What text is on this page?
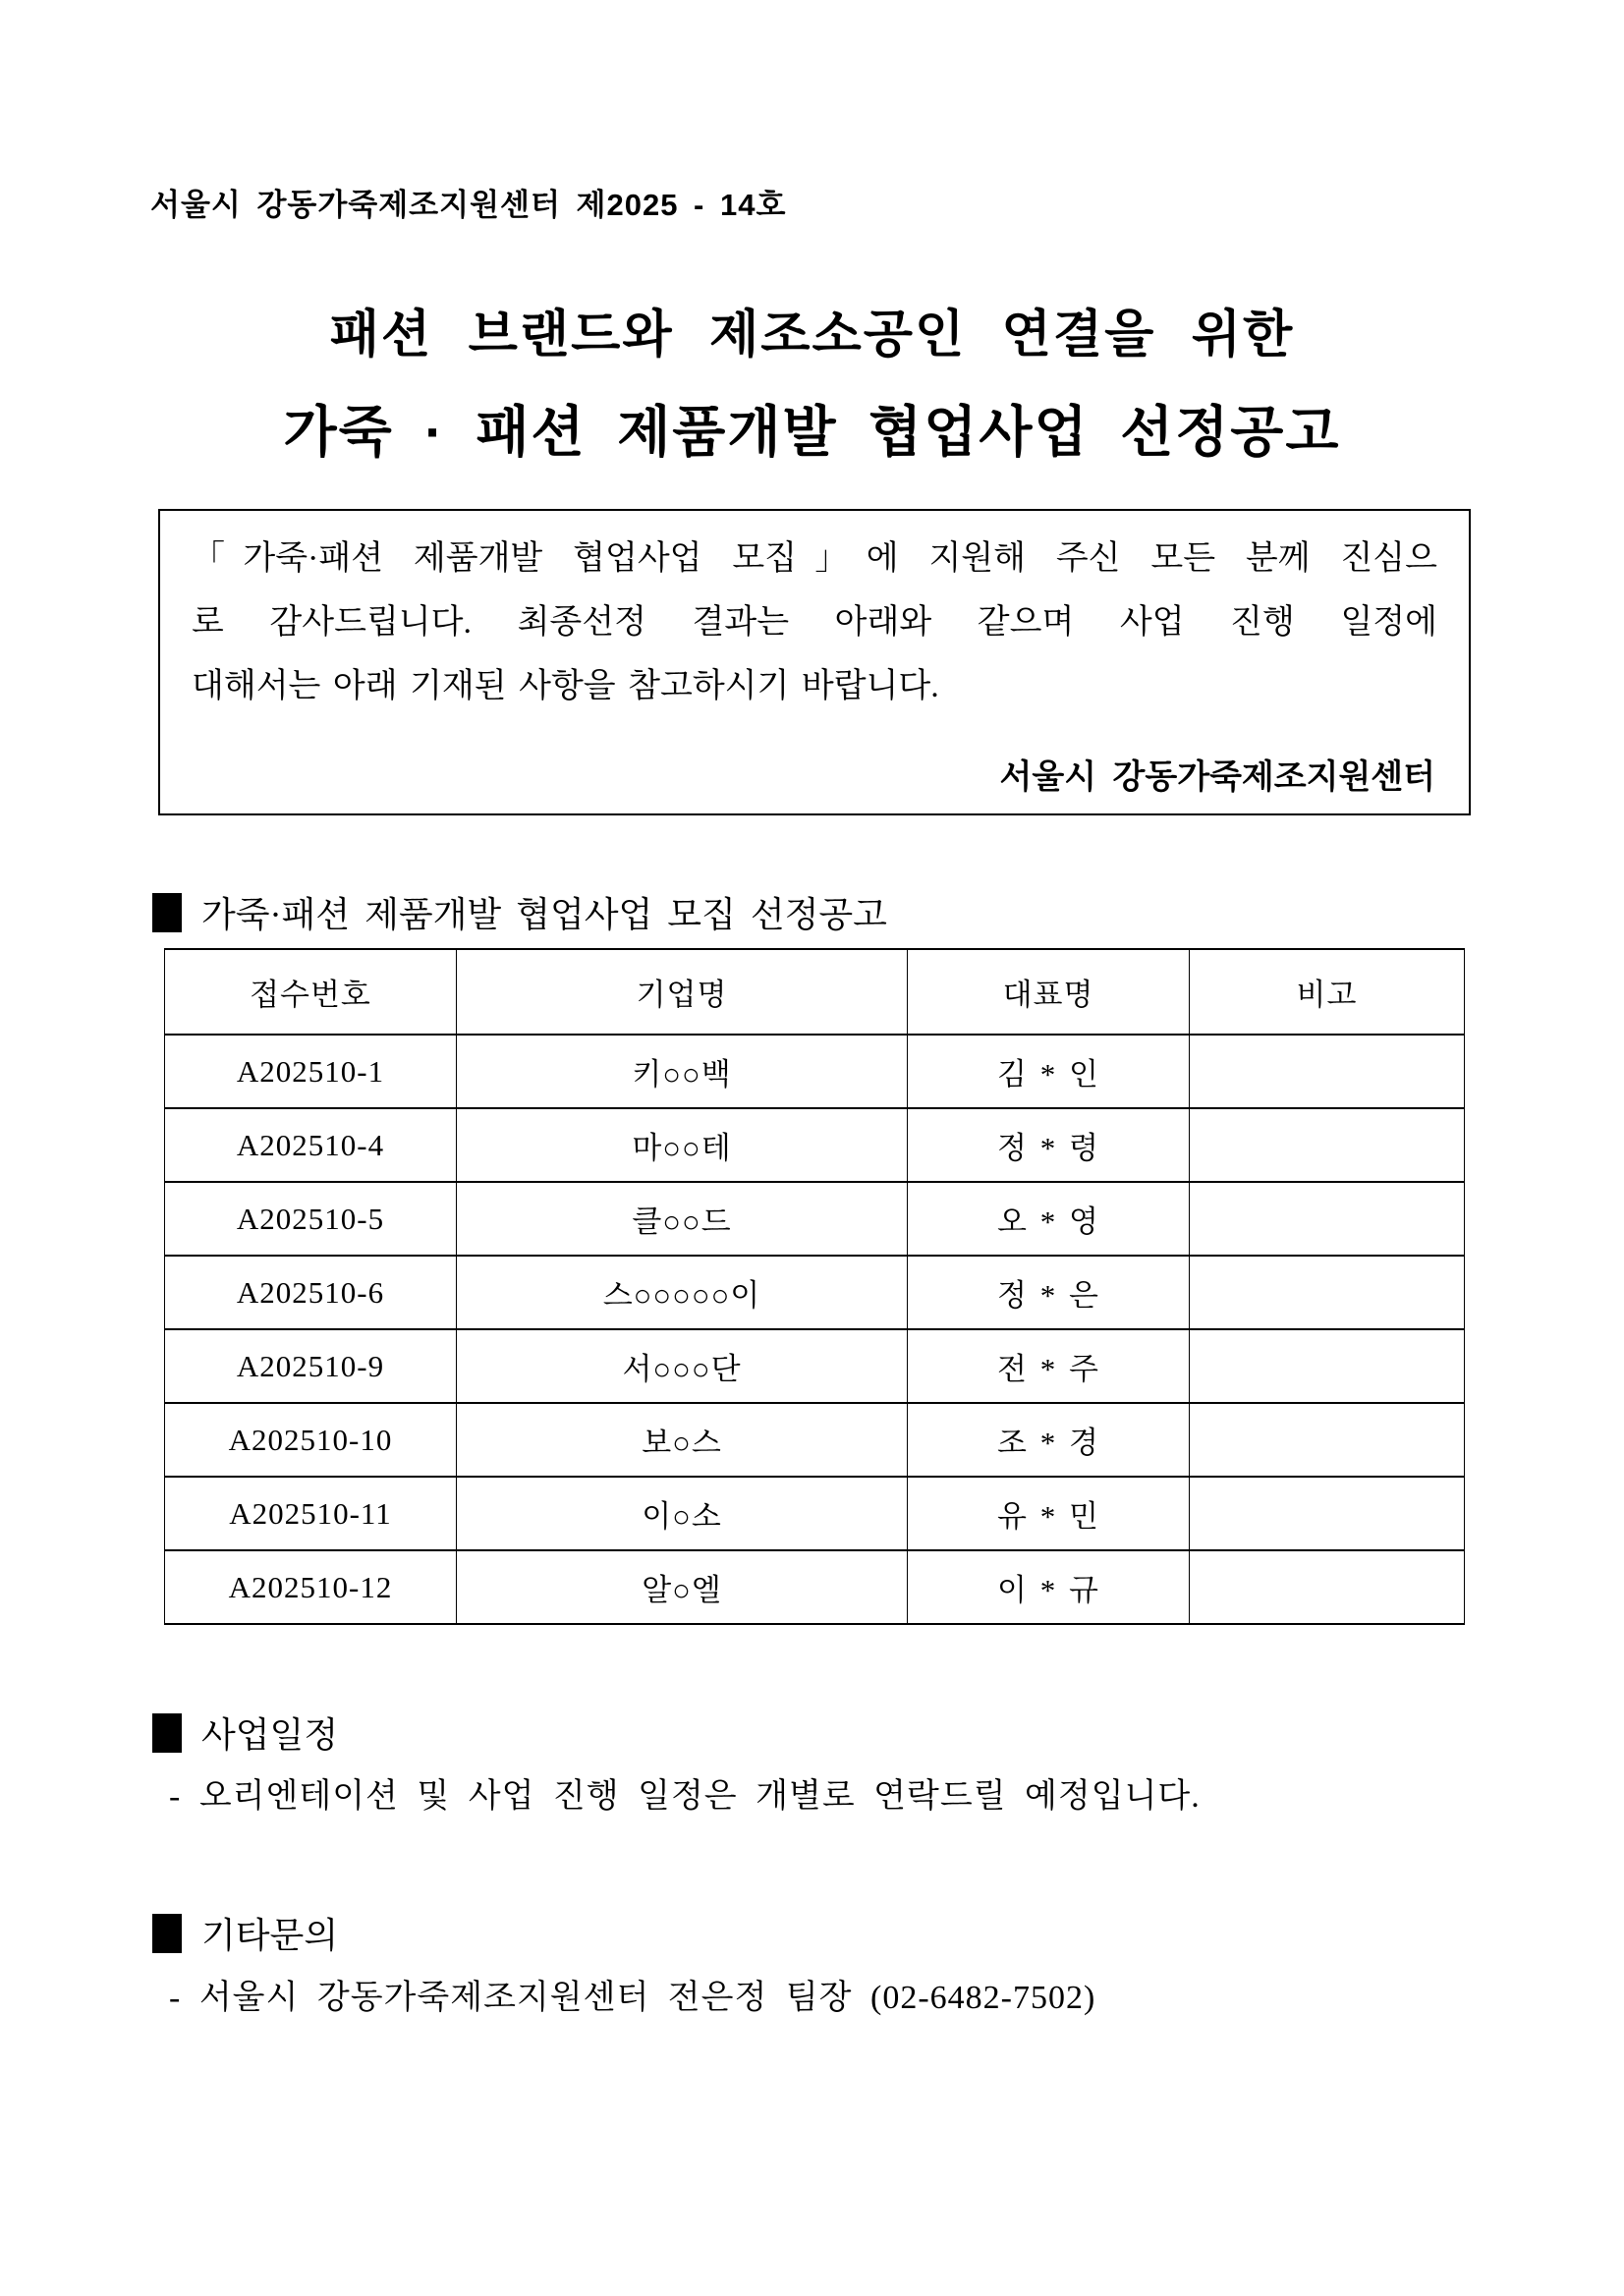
서울시 강동가죽제조지원센터 제2025 - 14호
패션 브랜드와 제조소공인 연결을 위한
가죽 · 패션 제품개발 협업사업 선정공고
「가죽·패션 제품개발 협업사업 모집」에 지원해 주신 모든 분께 진심으
로 감사드립니다. 최종선정 결과는 아래와 같으며 사업 진행 일정에
대해서는 아래 기재된 사항을 참고하시기 바랍니다.
서울시 강동가죽제조지원센터
가죽·패션 제품개발 협업사업 모집 선정공고
접수번호	기업명	대표명	비고
A202510-1	키○○백	김 * 인	
A202510-4	마○○테	정 * 령	
A202510-5	클○○드	오 * 영	
A202510-6	스○○○○○이	정 * 은	
A202510-9	서○○○단	전 * 주	
A202510-10	보○스	조 * 경	
A202510-11	이○소	유 * 민	
A202510-12	알○엘	이 * 규	
사업일정
- 오리엔테이션 및 사업 진행 일정은 개별로 연락드릴 예정입니다.
기타문의
- 서울시 강동가죽제조지원센터 전은정 팀장 (02-6482-7502)
